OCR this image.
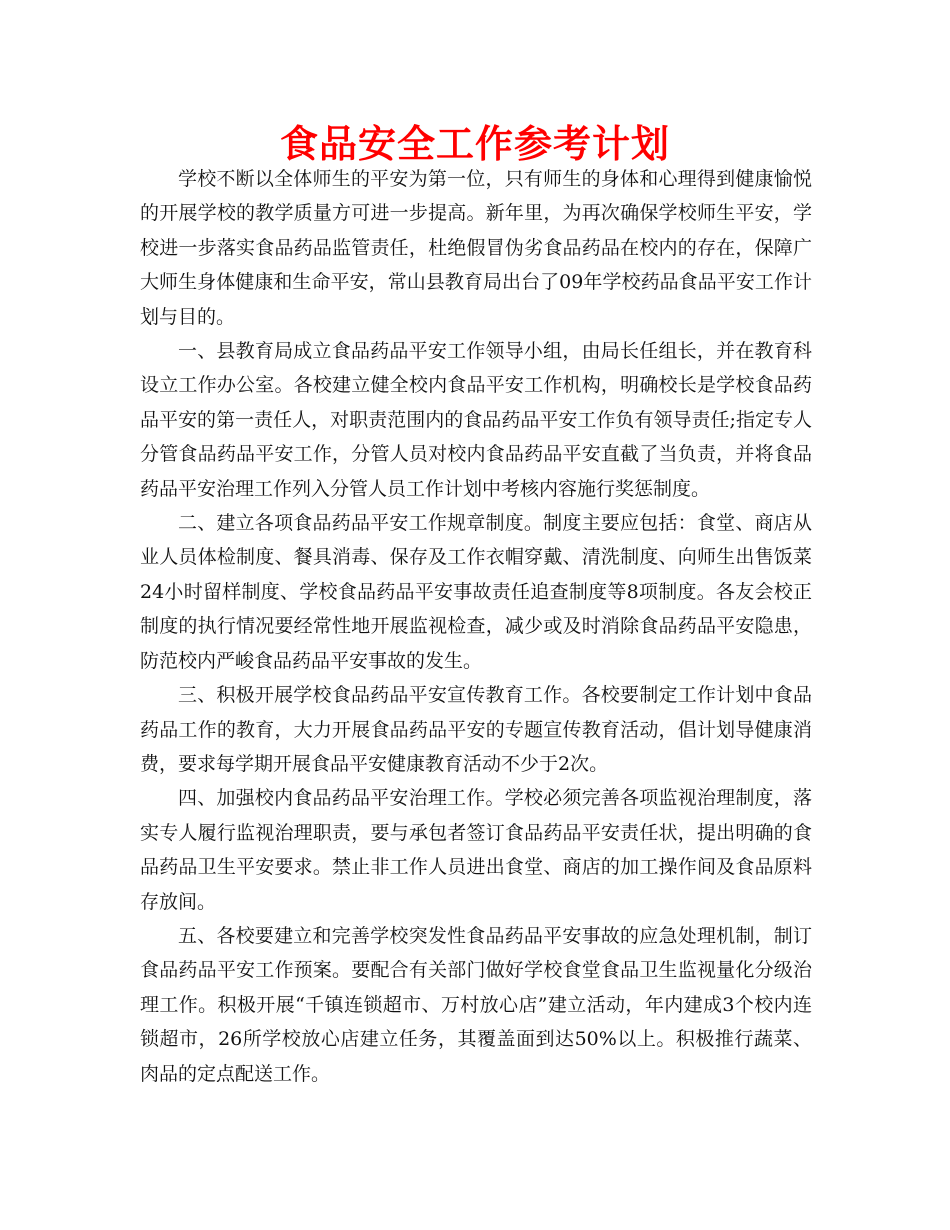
食品安全工作参考计划

学校不断以全体师生的平安为第一位，只有师生的身体和心理得到健康愉悦的开展学校的教学质量方可进一步提高。新年里，为再次确保学校师生平安，学校进一步落实食品药品监管责任，杜绝假冒伪劣食品药品在校内的存在，保障广大师生身体健康和生命平安，常山县教育局出台了09年学校药品食品平安工作计划与目的。

一、县教育局成立食品药品平安工作领导小组，由局长任组长，并在教育科设立工作办公室。各校建立健全校内食品平安工作机构，明确校长是学校食品药品平安的第一责任人，对职责范围内的食品药品平安工作负有领导责任;指定专人分管食品药品平安工作，分管人员对校内食品药品平安直截了当负责，并将食品药品平安治理工作列入分管人员工作计划中考核内容施行奖惩制度。

二、建立各项食品药品平安工作规章制度。制度主要应包括：食堂、商店从业人员体检制度、餐具消毒、保存及工作衣帽穿戴、清洗制度、向师生出售饭菜24小时留样制度、学校食品药品平安事故责任追查制度等8项制度。各友会校正制度的执行情况要经常性地开展监视检查，减少或及时消除食品药品平安隐患，防范校内严峻食品药品平安事故的发生。

三、积极开展学校食品药品平安宣传教育工作。各校要制定工作计划中食品药品工作的教育，大力开展食品药品平安的专题宣传教育活动，倡计划导健康消费，要求每学期开展食品平安健康教育活动不少于2次。

四、加强校内食品药品平安治理工作。学校必须完善各项监视治理制度，落实专人履行监视治理职责，要与承包者签订食品药品平安责任状，提出明确的食品药品卫生平安要求。禁止非工作人员进出食堂、商店的加工操作间及食品原料存放间。

五、各校要建立和完善学校突发性食品药品平安事故的应急处理机制，制订食品药品平安工作预案。要配合有关部门做好学校食堂食品卫生监视量化分级治理工作。积极开展“千镇连锁超市、万村放心店”建立活动，年内建成3个校内连锁超市，26所学校放心店建立任务，其覆盖面到达50%以上。积极推行蔬菜、肉品的定点配送工作。
